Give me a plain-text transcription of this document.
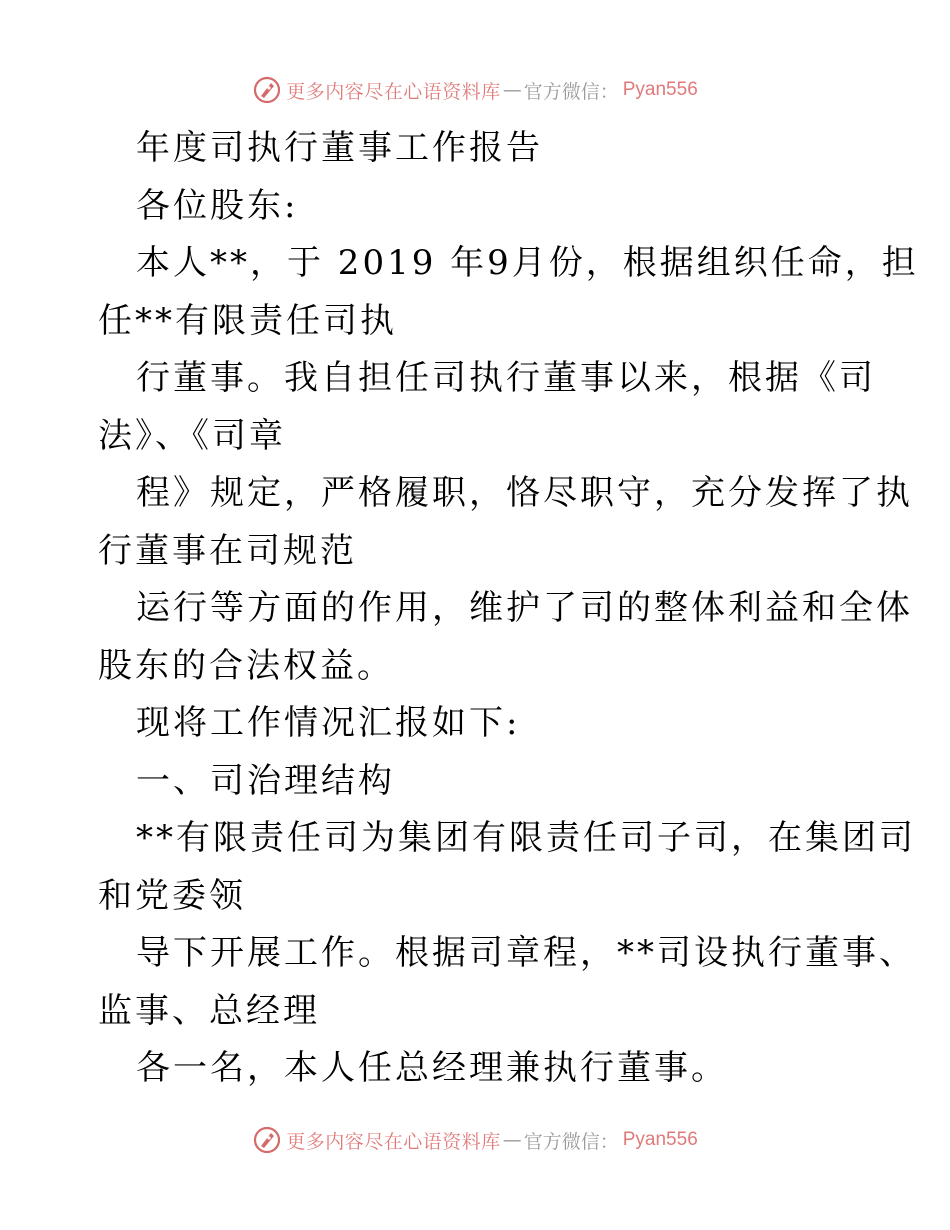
更多内容尽在心语资料库 — 官方微信： Pyan556
年度司执行董事工作报告
各位股东:
本人**，于 2019 年9月份，根据组织任命，担
任**有限责任司执
行董事。我自担任司执行董事以来，根据《司
法》、《司章
程》规定，严格履职，恪尽职守，充分发挥了执
行董事在司规范
运行等方面的作用，维护了司的整体利益和全体
股东的合法权益。
现将工作情况汇报如下:
一、司治理结构
**有限责任司为集团有限责任司子司，在集团司
和党委领
导下开展工作。根据司章程，**司设执行董事、
监事、总经理
各一名，本人任总经理兼执行董事。
更多内容尽在心语资料库 — 官方微信： Pyan556
